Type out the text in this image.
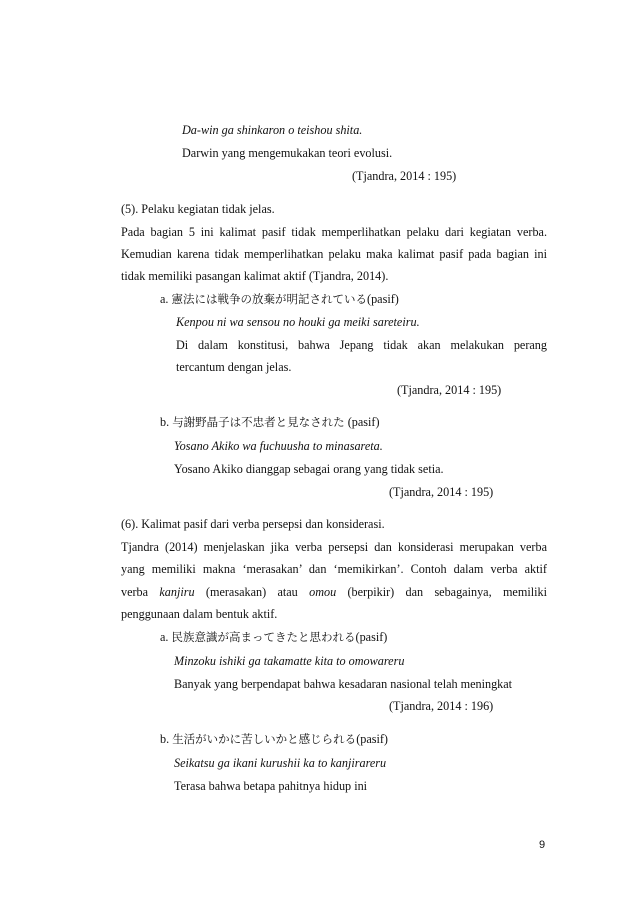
Da-win ga shinkaron o teishou shita.
Darwin yang mengemukakan teori evolusi.
(Tjandra, 2014 : 195)
(5). Pelaku kegiatan tidak jelas.
Pada bagian 5 ini kalimat pasif tidak memperlihatkan pelaku dari kegiatan verba.
Kemudian karena tidak memperlihatkan pelaku maka kalimat pasif pada bagian ini
tidak memiliki pasangan kalimat aktif (Tjandra, 2014).
a. 憲法には戦争の放棄が明記されている(pasif)
Kenpou ni wa sensou no houki ga meiki sareteiru.
Di dalam konstitusi, bahwa Jepang tidak akan melakukan perang
tercantum dengan jelas.
(Tjandra, 2014 : 195)
b. 与謝野晶子は不忠者と見なされた (pasif)
Yosano Akiko wa fuchuusha to minasareta.
Yosano Akiko dianggap sebagai orang yang tidak setia.
(Tjandra, 2014 : 195)
(6). Kalimat pasif dari verba persepsi dan konsiderasi.
Tjandra (2014) menjelaskan jika verba persepsi dan konsiderasi merupakan verba
yang memiliki makna ‘merasakan’ dan ‘memikirkan’. Contoh dalam verba aktif
verba kanjiru (merasakan) atau omou (berpikir) dan sebagainya, memiliki
penggunaan dalam bentuk aktif.
a. 民族意識が高まってきたと思われる(pasif)
Minzoku ishiki ga takamatte kita to omowareru
Banyak yang berpendapat bahwa kesadaran nasional telah meningkat
(Tjandra, 2014 : 196)
b. 生活がいかに苦しいかと感じられる(pasif)
Seikatsu ga ikani kurushii ka to kanjirareru
Terasa bahwa betapa pahitnya hidup ini
9
